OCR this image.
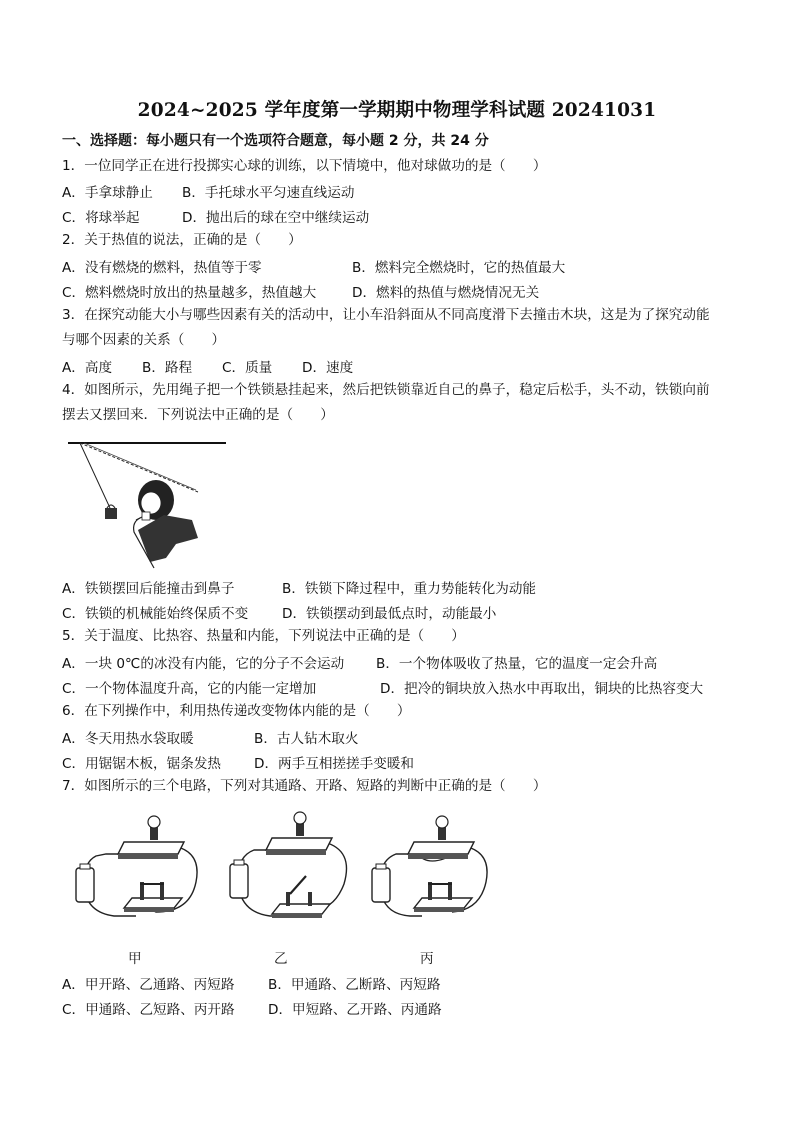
2024~2025 学年度第一学期期中物理学科试题 20241031
一、选择题：每小题只有一个选项符合题意，每小题 2 分，共 24 分
1．一位同学正在进行投掷实心球的训练，以下情境中，他对球做功的是（　　）
A．手拿球静止 B．手托球水平匀速直线运动
C．将球举起	D．抛出后的球在空中继续运动
2．关于热值的说法，正确的是（　　）
A．没有燃烧的燃料，热值等于零	B．燃料完全燃烧时，它的热值最大
C．燃料燃烧时放出的热量越多，热值越大	D．燃料的热值与燃烧情况无关
3．在探究动能大小与哪些因素有关的活动中，让小车沿斜面从不同高度滑下去撞击木块，这是为了探究动能
与哪个因素的关系（　　）
A．高度 B．路程 C．质量 D．速度
4．如图所示，先用绳子把一个铁锁悬挂起来，然后把铁锁靠近自己的鼻子，稳定后松手，头不动，铁锁向前
摆去又摆回来．下列说法中正确的是（　　）
A．铁锁摆回后能撞击到鼻子	B．铁锁下降过程中，重力势能转化为动能
C．铁锁的机械能始终保质不变 D．铁锁摆动到最低点时，动能最小
5．关于温度、比热容、热量和内能，下列说法中正确的是（　　）
A．一块 0℃的冰没有内能，它的分子不会运动 B．一个物体吸收了热量，它的温度一定会升高
C．一个物体温度升高，它的内能一定增加	D．把冷的铜块放入热水中再取出，铜块的比热容变大
6．在下列操作中，利用热传递改变物体内能的是（　　）
A．冬天用热水袋取暖	B．古人钻木取火
C．用锯锯木板，锯条发热 D．两手互相搓搓手变暖和
7．如图所示的三个电路，下列对其通路、开路、短路的判断中正确的是（　　）
甲	乙	丙
A．甲开路、乙通路、丙短路 B．甲通路、乙断路、丙短路
C．甲通路、乙短路、丙开路 D．甲短路、乙开路、丙通路
